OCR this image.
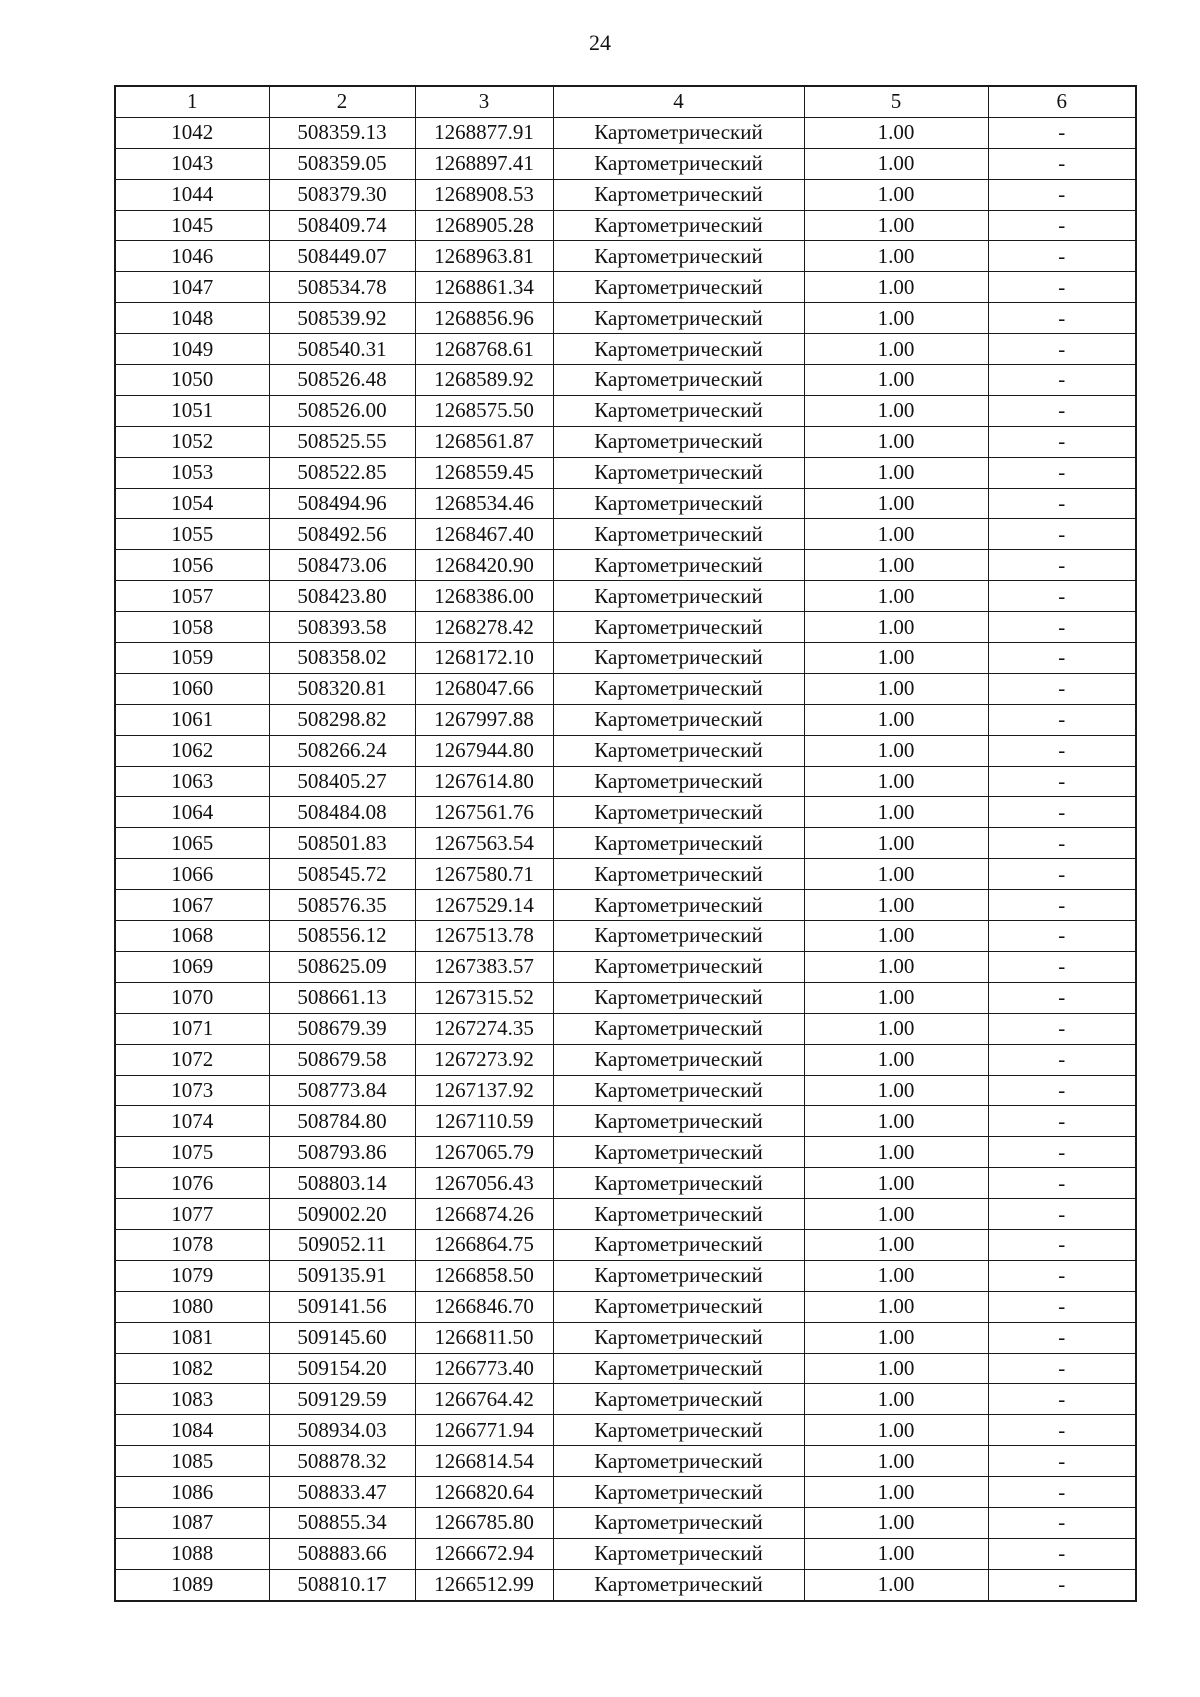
24
1	2	3	4	5	6
1042	508359.13	1268877.91	Картометрический	1.00	-
1043	508359.05	1268897.41	Картометрический	1.00	-
1044	508379.30	1268908.53	Картометрический	1.00	-
1045	508409.74	1268905.28	Картометрический	1.00	-
1046	508449.07	1268963.81	Картометрический	1.00	-
1047	508534.78	1268861.34	Картометрический	1.00	-
1048	508539.92	1268856.96	Картометрический	1.00	-
1049	508540.31	1268768.61	Картометрический	1.00	-
1050	508526.48	1268589.92	Картометрический	1.00	-
1051	508526.00	1268575.50	Картометрический	1.00	-
1052	508525.55	1268561.87	Картометрический	1.00	-
1053	508522.85	1268559.45	Картометрический	1.00	-
1054	508494.96	1268534.46	Картометрический	1.00	-
1055	508492.56	1268467.40	Картометрический	1.00	-
1056	508473.06	1268420.90	Картометрический	1.00	-
1057	508423.80	1268386.00	Картометрический	1.00	-
1058	508393.58	1268278.42	Картометрический	1.00	-
1059	508358.02	1268172.10	Картометрический	1.00	-
1060	508320.81	1268047.66	Картометрический	1.00	-
1061	508298.82	1267997.88	Картометрический	1.00	-
1062	508266.24	1267944.80	Картометрический	1.00	-
1063	508405.27	1267614.80	Картометрический	1.00	-
1064	508484.08	1267561.76	Картометрический	1.00	-
1065	508501.83	1267563.54	Картометрический	1.00	-
1066	508545.72	1267580.71	Картометрический	1.00	-
1067	508576.35	1267529.14	Картометрический	1.00	-
1068	508556.12	1267513.78	Картометрический	1.00	-
1069	508625.09	1267383.57	Картометрический	1.00	-
1070	508661.13	1267315.52	Картометрический	1.00	-
1071	508679.39	1267274.35	Картометрический	1.00	-
1072	508679.58	1267273.92	Картометрический	1.00	-
1073	508773.84	1267137.92	Картометрический	1.00	-
1074	508784.80	1267110.59	Картометрический	1.00	-
1075	508793.86	1267065.79	Картометрический	1.00	-
1076	508803.14	1267056.43	Картометрический	1.00	-
1077	509002.20	1266874.26	Картометрический	1.00	-
1078	509052.11	1266864.75	Картометрический	1.00	-
1079	509135.91	1266858.50	Картометрический	1.00	-
1080	509141.56	1266846.70	Картометрический	1.00	-
1081	509145.60	1266811.50	Картометрический	1.00	-
1082	509154.20	1266773.40	Картометрический	1.00	-
1083	509129.59	1266764.42	Картометрический	1.00	-
1084	508934.03	1266771.94	Картометрический	1.00	-
1085	508878.32	1266814.54	Картометрический	1.00	-
1086	508833.47	1266820.64	Картометрический	1.00	-
1087	508855.34	1266785.80	Картометрический	1.00	-
1088	508883.66	1266672.94	Картометрический	1.00	-
1089	508810.17	1266512.99	Картометрический	1.00	-
